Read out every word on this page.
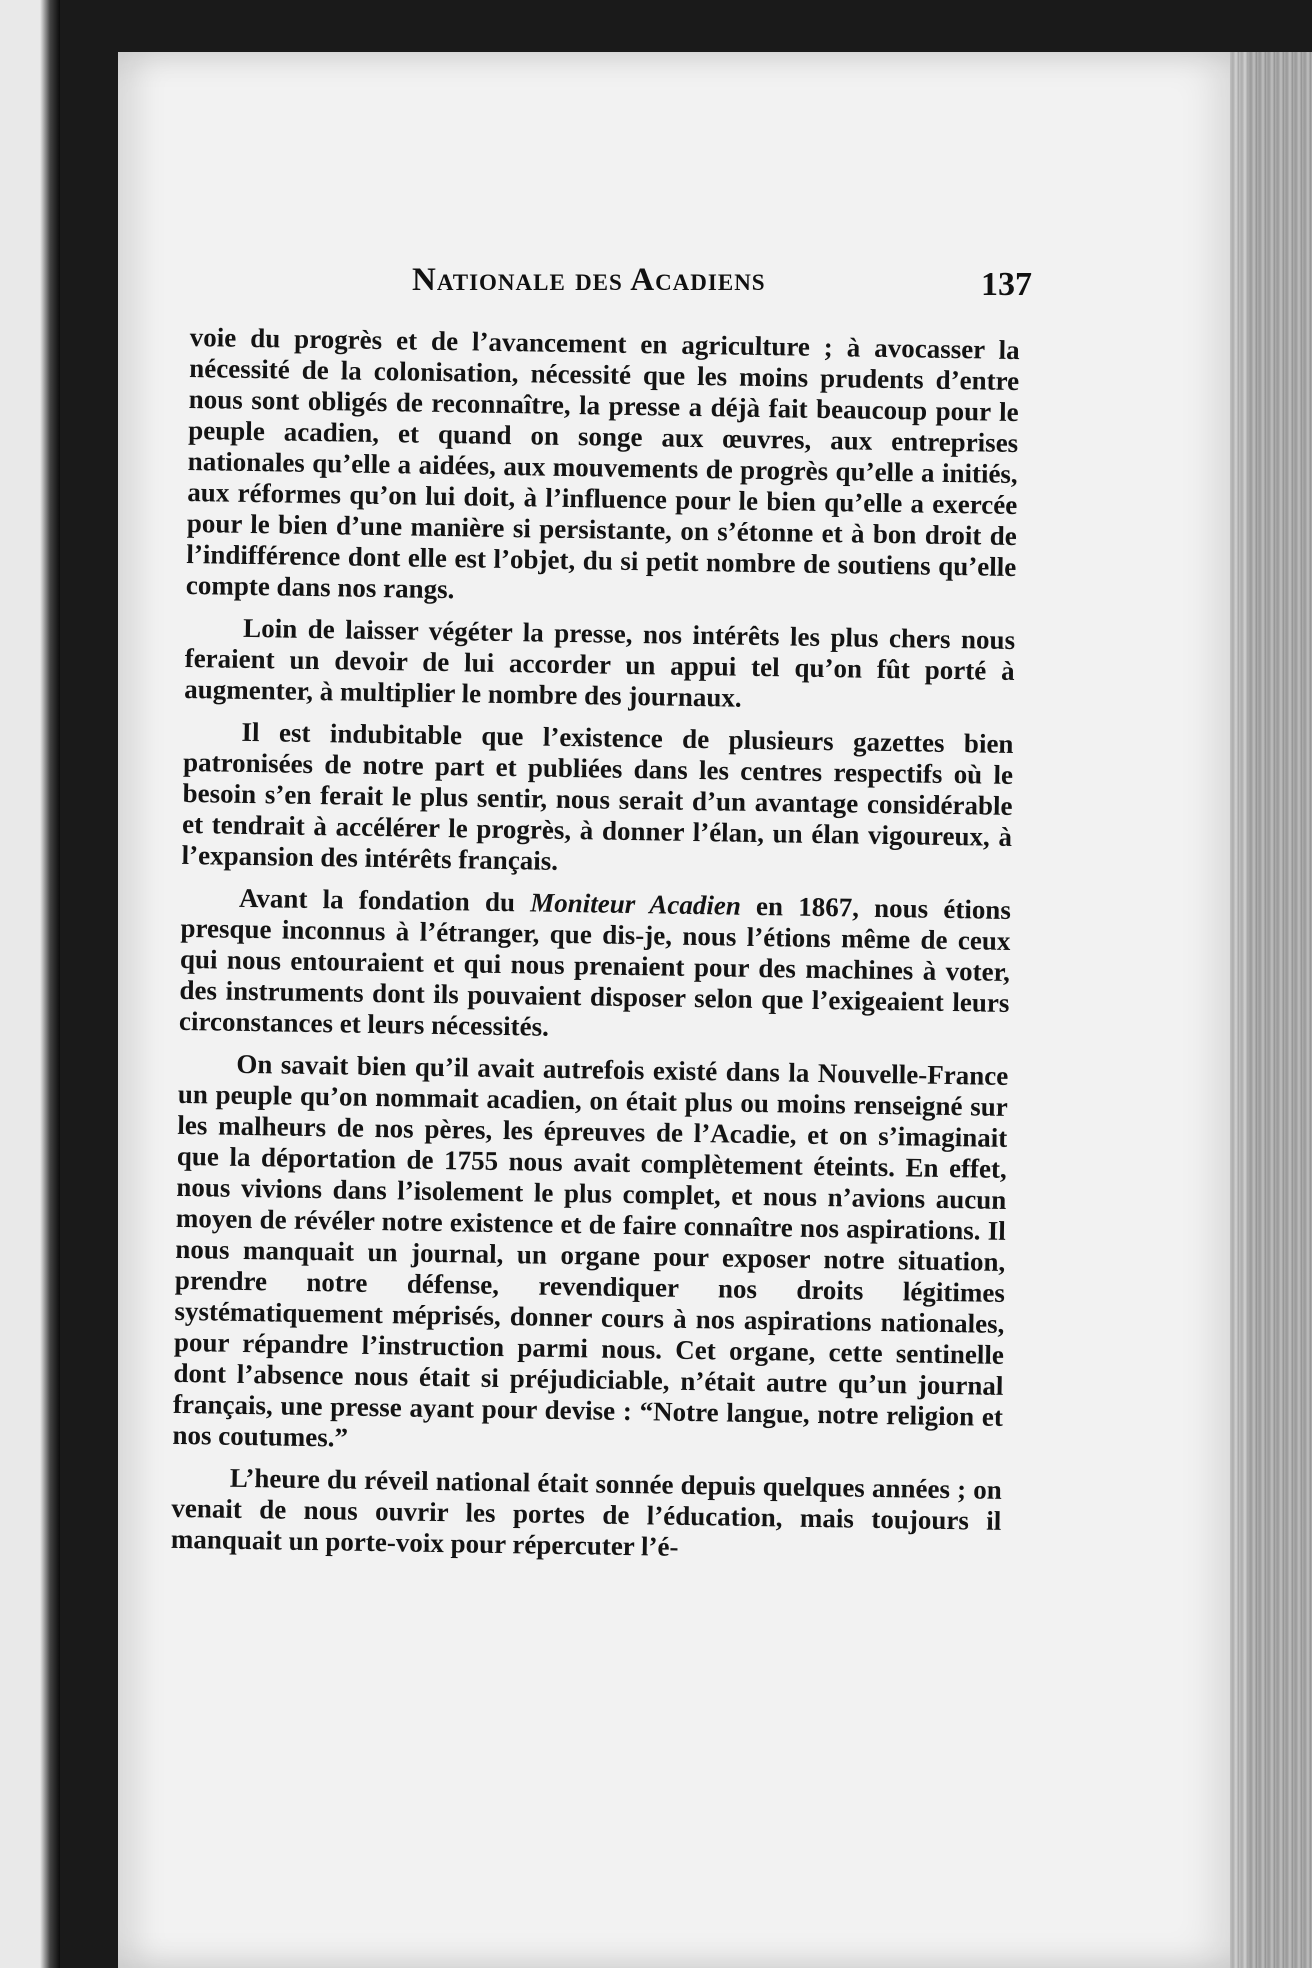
Nationale des Acadiens	137

voie du progrès et de l’avancement en agriculture ; à avocasser la nécessité de la colonisation, nécessité que les moins prudents d’entre nous sont obligés de reconnaître, la presse a déjà fait beaucoup pour le peuple acadien, et quand on songe aux œuvres, aux entreprises nationales qu’elle a aidées, aux mouvements de progrès qu’elle a initiés, aux réformes qu’on lui doit, à l’influence pour le bien qu’elle a exercée pour le bien d’une manière si persistante, on s’étonne et à bon droit de l’indifférence dont elle est l’objet, du si petit nombre de soutiens qu’elle compte dans nos rangs.

Loin de laisser végéter la presse, nos intérêts les plus chers nous feraient un devoir de lui accorder un appui tel qu’on fût porté à augmenter, à multiplier le nombre des journaux.

Il est indubitable que l’existence de plusieurs gazettes bien patronisées de notre part et publiées dans les centres respectifs où le besoin s’en ferait le plus sentir, nous serait d’un avantage considérable et tendrait à accélérer le progrès, à donner l’élan, un élan vigoureux, à l’expansion des intérêts français.

Avant la fondation du Moniteur Acadien en 1867, nous étions presque inconnus à l’étranger, que dis-je, nous l’étions même de ceux qui nous entouraient et qui nous prenaient pour des machines à voter, des instruments dont ils pouvaient disposer selon que l’exigeaient leurs circonstances et leurs nécessités.

On savait bien qu’il avait autrefois existé dans la Nouvelle-France un peuple qu’on nommait acadien, on était plus ou moins renseigné sur les malheurs de nos pères, les épreuves de l’Acadie, et on s’imaginait que la déportation de 1755 nous avait complètement éteints. En effet, nous vivions dans l’isolement le plus complet, et nous n’avions aucun moyen de révéler notre existence et de faire connaître nos aspirations. Il nous manquait un journal, un organe pour exposer notre situation, prendre notre défense, revendiquer nos droits légitimes systématiquement méprisés, donner cours à nos aspirations nationales, pour répandre l’instruction parmi nous. Cet organe, cette sentinelle dont l’absence nous était si préjudiciable, n’était autre qu’un journal français, une presse ayant pour devise : “Notre langue, notre religion et nos coutumes.”

L’heure du réveil national était sonnée depuis quelques années ; on venait de nous ouvrir les portes de l’éducation, mais toujours il manquait un porte-voix pour répercuter l’é-
